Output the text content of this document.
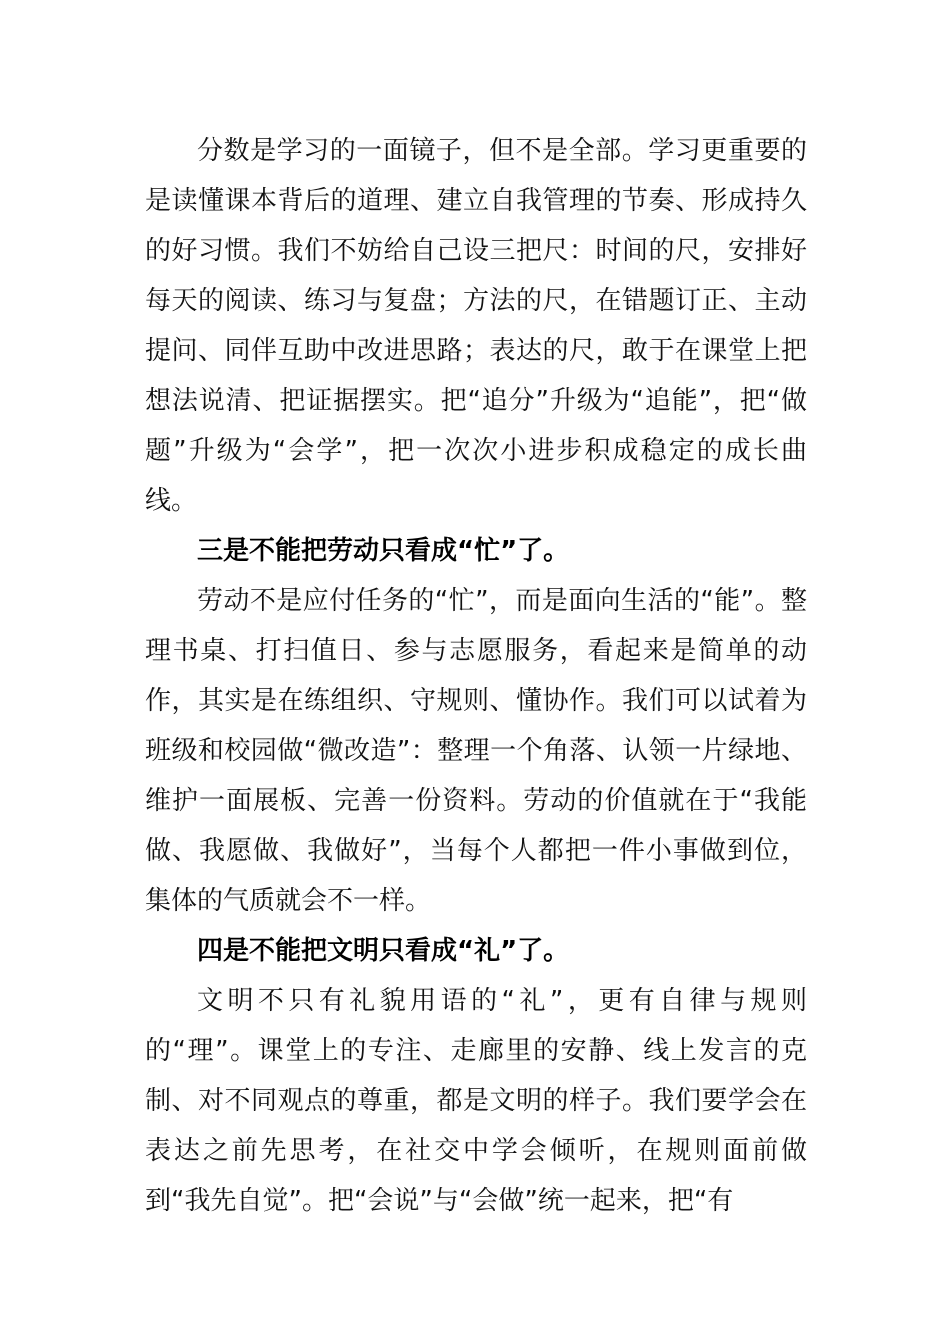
分数是学习的一面镜子，但不是全部。学习更重要的是读懂课本背后的道理、建立自我管理的节奏、形成持久的好习惯。我们不妨给自己设三把尺：时间的尺，安排好每天的阅读、练习与复盘；方法的尺，在错题订正、主动提问、同伴互助中改进思路；表达的尺，敢于在课堂上把想法说清、把证据摆实。把“追分”升级为“追能”，把“做题”升级为“会学”，把一次次小进步积成稳定的成长曲线。

三是不能把劳动只看成“忙”了。

劳动不是应付任务的“忙”，而是面向生活的“能”。整理书桌、打扫值日、参与志愿服务，看起来是简单的动作，其实是在练组织、守规则、懂协作。我们可以试着为班级和校园做“微改造”：整理一个角落、认领一片绿地、维护一面展板、完善一份资料。劳动的价值就在于“我能做、我愿做、我做好”，当每个人都把一件小事做到位，集体的气质就会不一样。

四是不能把文明只看成“礼”了。

文明不只有礼貌用语的“礼”，更有自律与规则的“理”。课堂上的专注、走廊里的安静、线上发言的克制、对不同观点的尊重，都是文明的样子。我们要学会在表达之前先思考，在社交中学会倾听，在规则面前做到“我先自觉”。把“会说”与“会做”统一起来，把“有
